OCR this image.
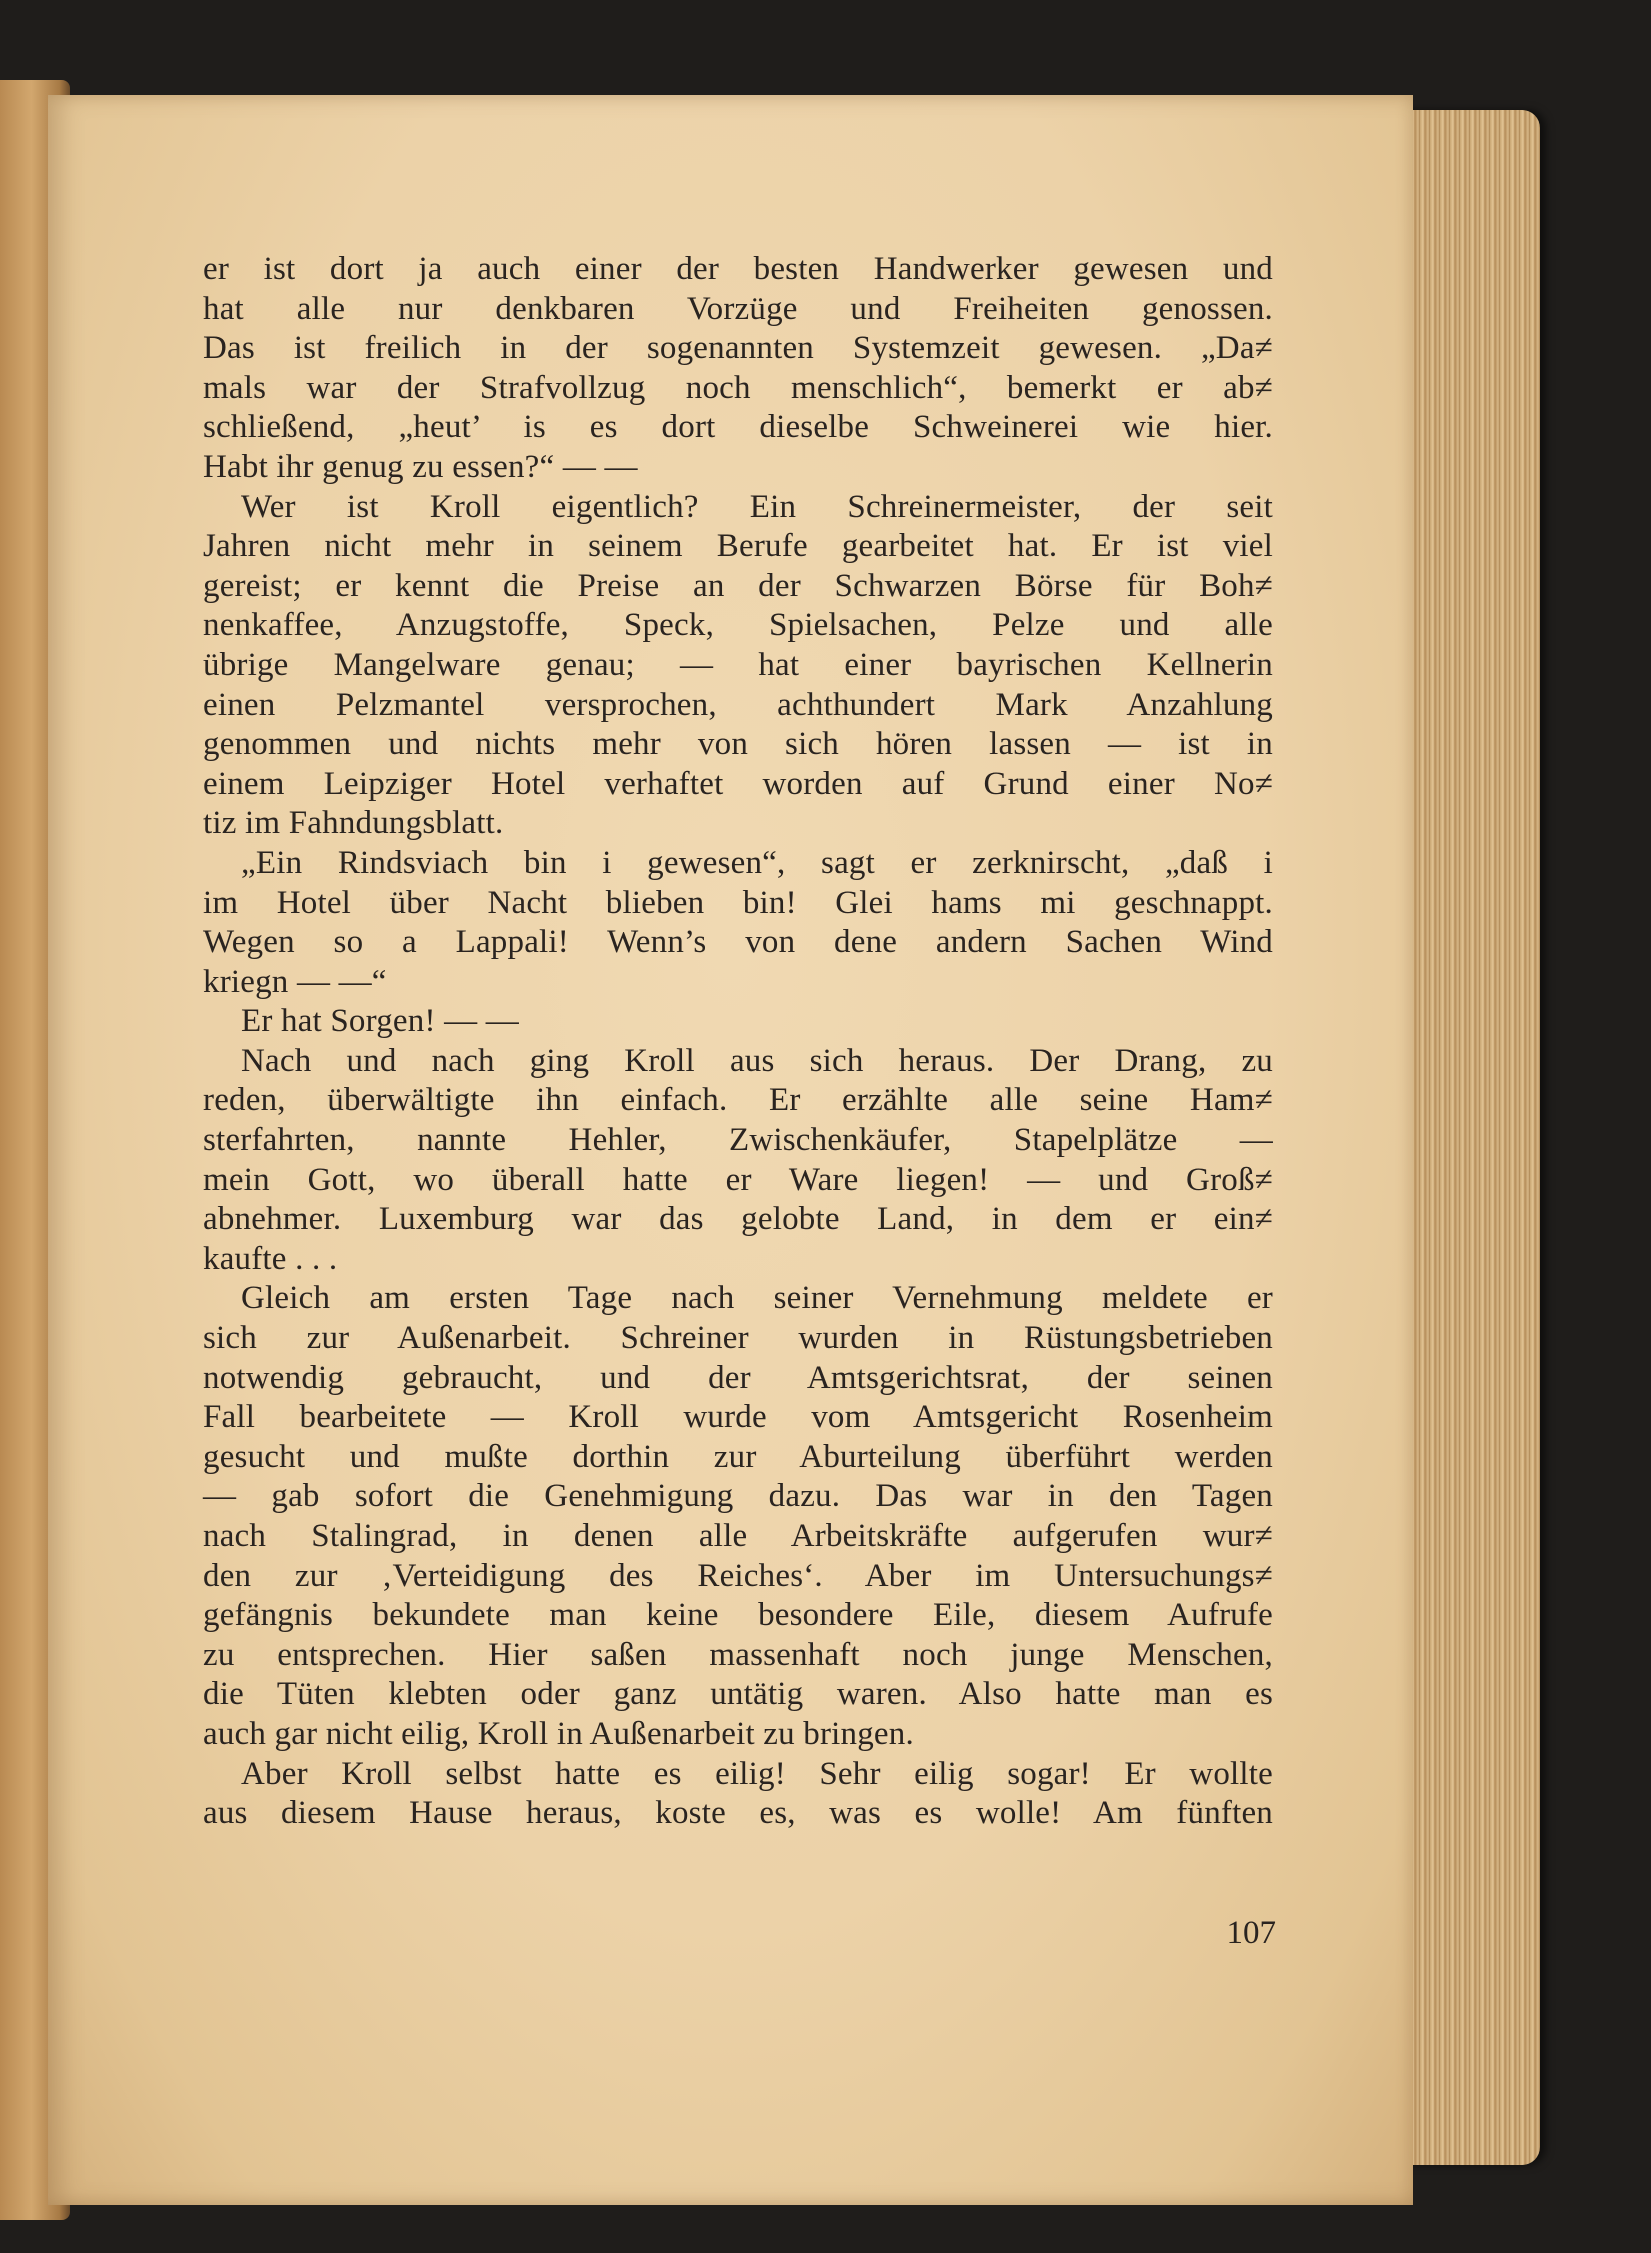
er ist dort ja auch einer der besten Handwerker gewesen und
hat alle nur denkbaren Vorzüge und Freiheiten genossen.
Das ist freilich in der sogenannten Systemzeit gewesen. „Da≠
mals war der Strafvollzug noch menschlich“, bemerkt er ab≠
schließend, „heut’ is es dort dieselbe Schweinerei wie hier.
Habt ihr genug zu essen?“ — —
Wer ist Kroll eigentlich? Ein Schreinermeister, der seit
Jahren nicht mehr in seinem Berufe gearbeitet hat. Er ist viel
gereist; er kennt die Preise an der Schwarzen Börse für Boh≠
nenkaffee, Anzugstoffe, Speck, Spielsachen, Pelze und alle
übrige Mangelware genau; — hat einer bayrischen Kellnerin
einen Pelzmantel versprochen, achthundert Mark Anzahlung
genommen und nichts mehr von sich hören lassen — ist in
einem Leipziger Hotel verhaftet worden auf Grund einer No≠
tiz im Fahndungsblatt.
„Ein Rindsviach bin i gewesen“, sagt er zerknirscht, „daß i
im Hotel über Nacht blieben bin! Glei hams mi geschnappt.
Wegen so a Lappali! Wenn’s von dene andern Sachen Wind
kriegn — —“
Er hat Sorgen! — —
Nach und nach ging Kroll aus sich heraus. Der Drang, zu
reden, überwältigte ihn einfach. Er erzählte alle seine Ham≠
sterfahrten, nannte Hehler, Zwischenkäufer, Stapelplätze —
mein Gott, wo überall hatte er Ware liegen! — und Groß≠
abnehmer. Luxemburg war das gelobte Land, in dem er ein≠
kaufte . . .
Gleich am ersten Tage nach seiner Vernehmung meldete er
sich zur Außenarbeit. Schreiner wurden in Rüstungsbetrieben
notwendig gebraucht, und der Amtsgerichtsrat, der seinen
Fall bearbeitete — Kroll wurde vom Amtsgericht Rosenheim
gesucht und mußte dorthin zur Aburteilung überführt werden
— gab sofort die Genehmigung dazu. Das war in den Tagen
nach Stalingrad, in denen alle Arbeitskräfte aufgerufen wur≠
den zur ‚Verteidigung des Reiches‘. Aber im Untersuchungs≠
gefängnis bekundete man keine besondere Eile, diesem Aufrufe
zu entsprechen. Hier saßen massenhaft noch junge Menschen,
die Tüten klebten oder ganz untätig waren. Also hatte man es
auch gar nicht eilig, Kroll in Außenarbeit zu bringen.
Aber Kroll selbst hatte es eilig! Sehr eilig sogar! Er wollte
aus diesem Hause heraus, koste es, was es wolle! Am fünften
107
